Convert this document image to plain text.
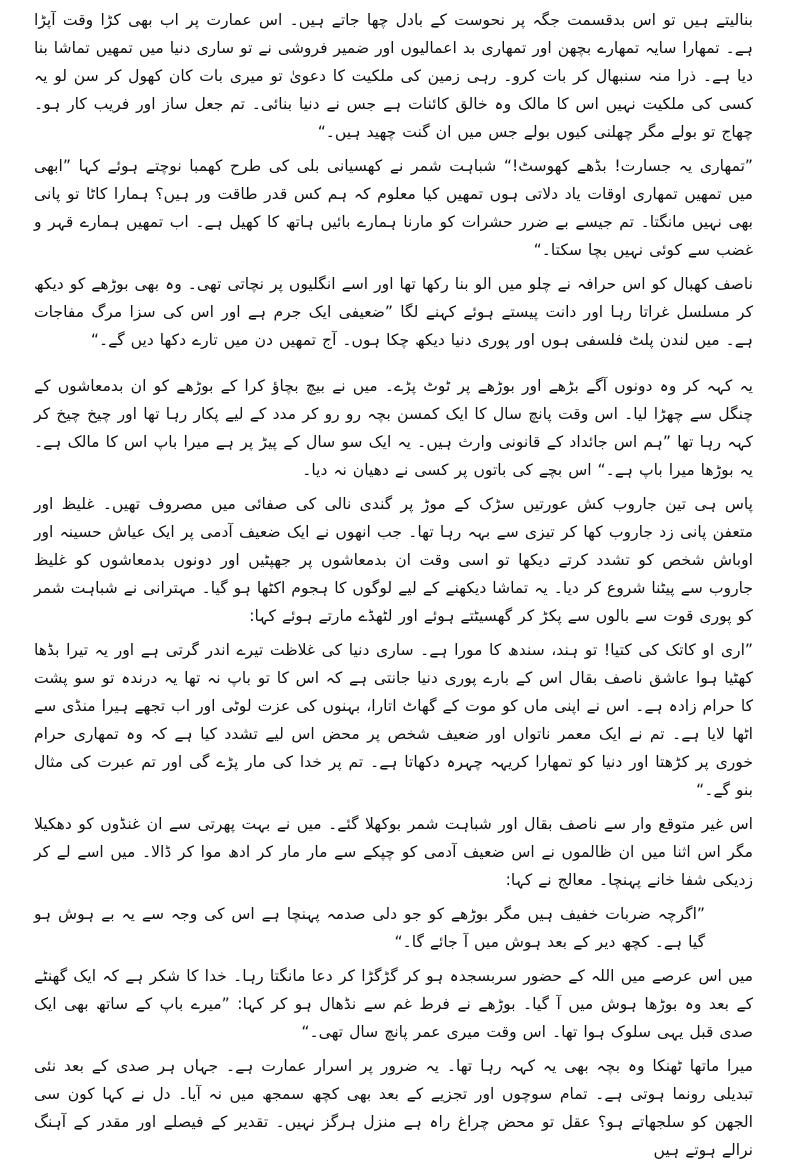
بنالیتے ہیں تو اس بدقسمت جگہ پر نحوست کے بادل چھا جاتے ہیں۔ اس عمارت پر اب بھی کڑا وقت آپڑا ہے۔ تمھارا سایہ تمھارے بچھن اور تمھاری بد اعمالیوں اور ضمیر فروشی نے تو ساری دنیا میں تمھیں تماشا بنا دیا ہے۔ ذرا منہ سنبھال کر بات کرو۔ رہی زمین کی ملکیت کا دعویٰ تو میری بات کان کھول کر سن لو یہ کسی کی ملکیت نہیں اس کا مالک وہ خالق کائنات ہے جس نے دنیا بنائی۔ تم جعل ساز اور فریب کار ہو۔ چھاج تو بولے مگر چھلنی کیوں بولے جس میں ان گنت چھید ہیں۔“

”تمھاری یہ جسارت! بڈھے کھوسٹ!“ شباہت شمر نے کھسیانی بلی کی طرح کھمبا نوچتے ہوئے کہا ”ابھی میں تمھیں تمھاری اوقات یاد دلاتی ہوں تمھیں کیا معلوم کہ ہم کس قدر طاقت ور ہیں؟ ہمارا کاٹا تو پانی بھی نہیں مانگتا۔ تم جیسے بے ضرر حشرات کو مارنا ہمارے بائیں ہاتھ کا کھیل ہے۔ اب تمھیں ہمارے قہر و غضب سے کوئی نہیں بچا سکتا۔“

ناصف کھبال کو اس حرافہ نے چلو میں الو بنا رکھا تھا اور اسے انگلیوں پر نچاتی تھی۔ وہ بھی بوڑھے کو دیکھ کر مسلسل غراتا رہا اور دانت پیستے ہوئے کہنے لگا ”ضعیفی ایک جرم ہے اور اس کی سزا مرگ مفاجات ہے۔ میں لندن پلٹ فلسفی ہوں اور پوری دنیا دیکھ چکا ہوں۔ آج تمھیں دن میں تارے دکھا دیں گے۔“

یہ کہہ کر وہ دونوں آگے بڑھے اور بوڑھے پر ٹوٹ پڑے۔ میں نے بیچ بچاؤ کرا کے بوڑھے کو ان بدمعاشوں کے چنگل سے چھڑا لیا۔ اس وقت پانچ سال کا ایک کمسن بچہ رو رو کر مدد کے لیے پکار رہا تھا اور چیخ چیخ کر کہہ رہا تھا ”ہم اس جائداد کے قانونی وارث ہیں۔ یہ ایک سو سال کے پیڑ پر ہے میرا باپ اس کا مالک ہے۔ یہ بوڑھا میرا باپ ہے۔“ اس بچے کی باتوں پر کسی نے دھیان نہ دیا۔

پاس ہی تین جاروب کش عورتیں سڑک کے موڑ پر گندی نالی کی صفائی میں مصروف تھیں۔ غلیظ اور متعفن پانی زد جاروب کھا کر تیزی سے بہہ رہا تھا۔ جب انھوں نے ایک ضعیف آدمی پر ایک عیاش حسینہ اور اوباش شخص کو تشدد کرتے دیکھا تو اسی وقت ان بدمعاشوں پر جھپٹیں اور دونوں بدمعاشوں کو غلیظ جاروب سے پیٹنا شروع کر دیا۔ یہ تماشا دیکھنے کے لیے لوگوں کا ہجوم اکٹھا ہو گیا۔ مہترانی نے شباہت شمر کو پوری قوت سے بالوں سے پکڑ کر گھسیٹتے ہوئے اور لٹھڈے مارتے ہوئے کہا:

”اری او کاتک کی کتیا! تو ہند، سندھ کا مورا ہے۔ ساری دنیا کی غلاظت تیرے اندر گرتی ہے اور یہ تیرا بڈھا کھٹیا ہوا عاشق ناصف بقال اس کے بارے پوری دنیا جانتی ہے کہ اس کا تو باپ نہ تھا یہ درندہ تو سو پشت کا حرام زادہ ہے۔ اس نے اپنی ماں کو موت کے گھاٹ اتارا، بہنوں کی عزت لوٹی اور اب تجھے ہیرا منڈی سے اٹھا لایا ہے۔ تم نے ایک معمر ناتواں اور ضعیف شخص پر محض اس لیے تشدد کیا ہے کہ وہ تمھاری حرام خوری پر کڑھتا اور دنیا کو تمھارا کریہہ چہرہ دکھاتا ہے۔ تم پر خدا کی مار پڑے گی اور تم عبرت کی مثال بنو گے۔“

اس غیر متوقع وار سے ناصف بقال اور شباہت شمر بوکھلا گئے۔ میں نے بہت پھرتی سے ان غنڈوں کو دھکیلا مگر اس اثنا میں ان ظالموں نے اس ضعیف آدمی کو چپکے سے مار مار کر ادھ موا کر ڈالا۔ میں اسے لے کر زدیکی شفا خانے پہنچا۔ معالج نے کہا:

”اگرچہ ضربات خفیف ہیں مگر بوڑھے کو جو دلی صدمہ پہنچا ہے اس کی وجہ سے یہ بے ہوش ہو گیا ہے۔ کچھ دیر کے بعد ہوش میں آ جائے گا۔“

میں اس عرصے میں اللہ کے حضور سربسجدہ ہو کر گڑگڑا کر دعا مانگتا رہا۔ خدا کا شکر ہے کہ ایک گھنٹے کے بعد وہ بوڑھا ہوش میں آ گیا۔ بوڑھے نے فرط غم سے نڈھال ہو کر کہا: ”میرے باپ کے ساتھ بھی ایک صدی قبل یہی سلوک ہوا تھا۔ اس وقت میری عمر پانچ سال تھی۔“

میرا ماتھا ٹھنکا وہ بچہ بھی یہ کہہ رہا تھا۔ یہ ضرور پر اسرار عمارت ہے۔ جہاں ہر صدی کے بعد نئی تبدیلی رونما ہوتی ہے۔ تمام سوچوں اور تجزیے کے بعد بھی کچھ سمجھ میں نہ آیا۔ دل نے کہا کون سی الجھن کو سلجھاتے ہو؟ عقل تو محض چراغ راہ ہے منزل ہرگز نہیں۔ تقدیر کے فیصلے اور مقدر کے آہنگ نرالے ہوتے ہیں
